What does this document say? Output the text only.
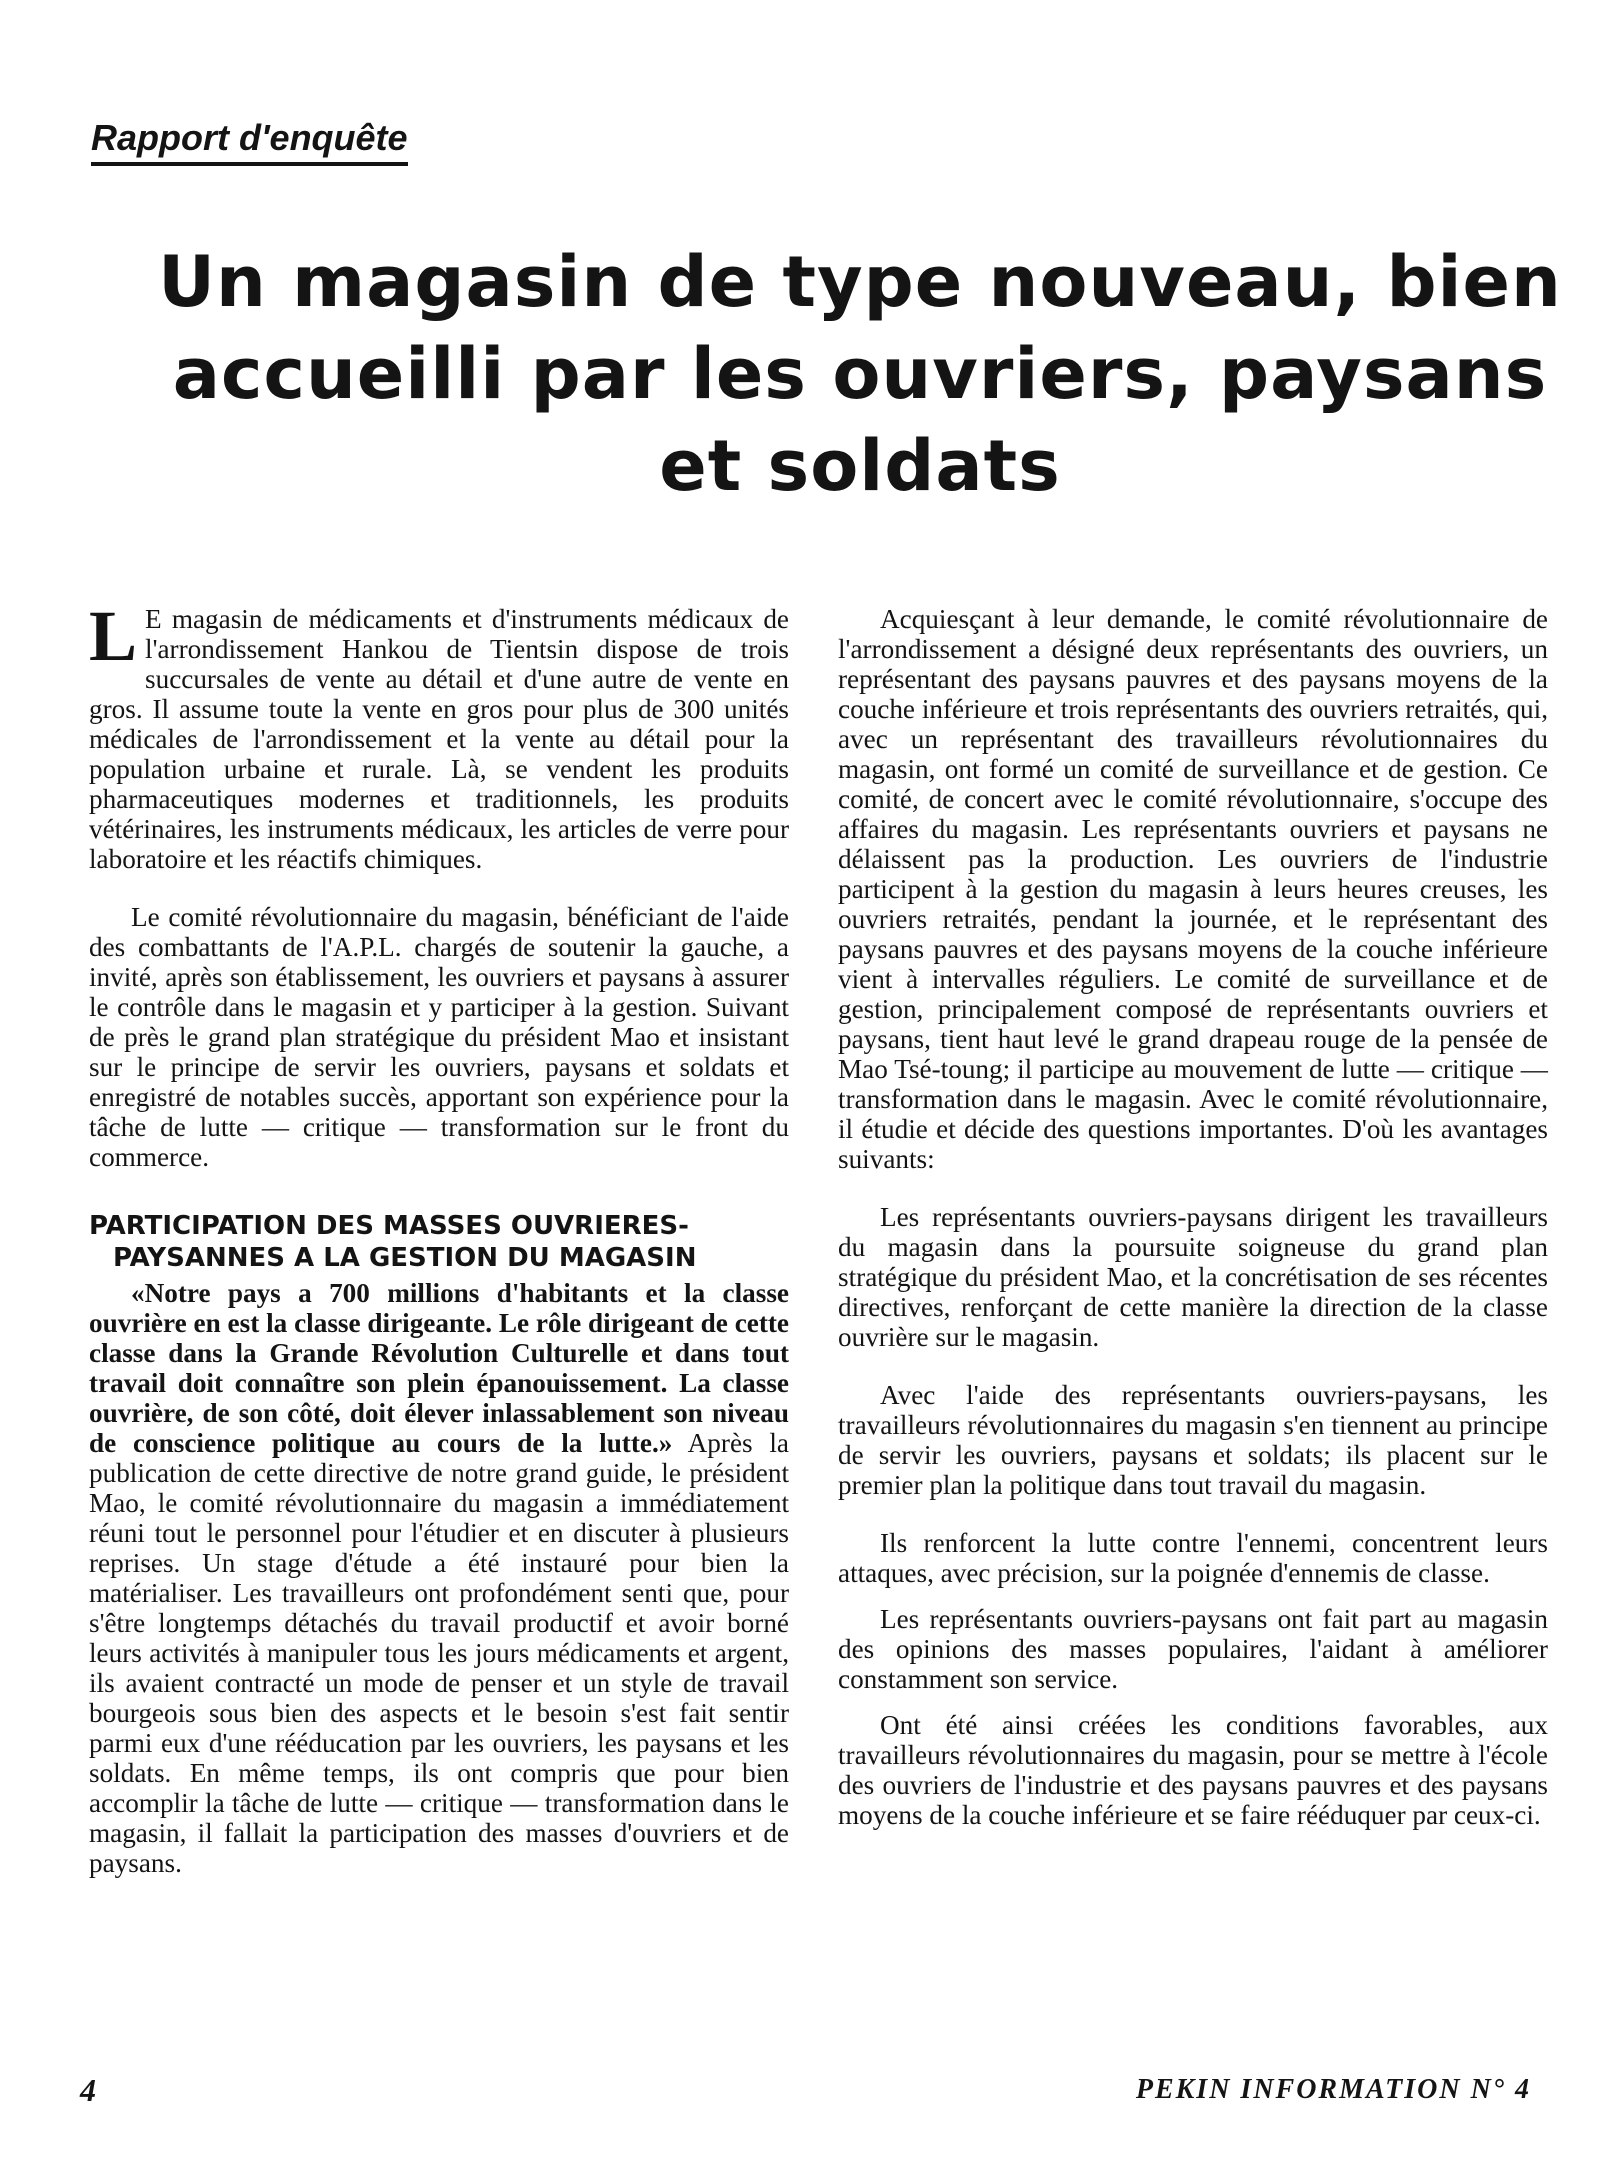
Rapport d'enquête
Un magasin de type nouveau, bien
accueilli par les ouvriers, paysans
et soldats

L E magasin de médicaments et d'instruments médicaux de l'arrondissement Hankou de Tientsin dispose de trois succursales de vente au détail et d'une autre de vente en gros. Il assume toute la vente en gros pour plus de 300 unités médicales de l'arrondissement et la vente au détail pour la population urbaine et rurale. Là, se vendent les produits pharmaceutiques modernes et traditionnels, les produits vétérinaires, les instruments médicaux, les articles de verre pour laboratoire et les réactifs chimiques.

Le comité révolutionnaire du magasin, bénéficiant de l'aide des combattants de l'A.P.L. chargés de soutenir la gauche, a invité, après son établissement, les ouvriers et paysans à assurer le contrôle dans le magasin et y participer à la gestion. Suivant de près le grand plan stratégique du président Mao et insistant sur le principe de servir les ouvriers, paysans et soldats et enregistré de notables succès, apportant son expérience pour la tâche de lutte — critique — transformation sur le front du commerce.

PARTICIPATION DES MASSES OUVRIERES-
PAYSANNES A LA GESTION DU MAGASIN

«Notre pays a 700 millions d'habitants et la classe ouvrière en est la classe dirigeante. Le rôle dirigeant de cette classe dans la Grande Révolution Culturelle et dans tout travail doit connaître son plein épanouissement. La classe ouvrière, de son côté, doit élever inlassablement son niveau de conscience politique au cours de la lutte.» Après la publication de cette directive de notre grand guide, le président Mao, le comité révolutionnaire du magasin a immédiatement réuni tout le personnel pour l'étudier et en discuter à plusieurs reprises. Un stage d'étude a été instauré pour bien la matérialiser. Les travailleurs ont profondément senti que, pour s'être longtemps détachés du travail productif et avoir borné leurs activités à manipuler tous les jours médicaments et argent, ils avaient contracté un mode de penser et un style de travail bourgeois sous bien des aspects et le besoin s'est fait sentir parmi eux d'une rééducation par les ouvriers, les paysans et les soldats. En même temps, ils ont compris que pour bien accomplir la tâche de lutte — critique — transformation dans le magasin, il fallait la participation des masses d'ouvriers et de paysans.

Acquiesçant à leur demande, le comité révolutionnaire de l'arrondissement a désigné deux représentants des ouvriers, un représentant des paysans pauvres et des paysans moyens de la couche inférieure et trois représentants des ouvriers retraités, qui, avec un représentant des travailleurs révolutionnaires du magasin, ont formé un comité de surveillance et de gestion. Ce comité, de concert avec le comité révolutionnaire, s'occupe des affaires du magasin. Les représentants ouvriers et paysans ne délaissent pas la production. Les ouvriers de l'industrie participent à la gestion du magasin à leurs heures creuses, les ouvriers retraités, pendant la journée, et le représentant des paysans pauvres et des paysans moyens de la couche inférieure vient à intervalles réguliers. Le comité de surveillance et de gestion, principalement composé de représentants ouvriers et paysans, tient haut levé le grand drapeau rouge de la pensée de Mao Tsé-toung; il participe au mouvement de lutte — critique — transformation dans le magasin. Avec le comité révolutionnaire, il étudie et décide des questions importantes. D'où les avantages suivants:

Les représentants ouvriers-paysans dirigent les travailleurs du magasin dans la poursuite soigneuse du grand plan stratégique du président Mao, et la concrétisation de ses récentes directives, renforçant de cette manière la direction de la classe ouvrière sur le magasin.

Avec l'aide des représentants ouvriers-paysans, les travailleurs révolutionnaires du magasin s'en tiennent au principe de servir les ouvriers, paysans et soldats; ils placent sur le premier plan la politique dans tout travail du magasin.

Ils renforcent la lutte contre l'ennemi, concentrent leurs attaques, avec précision, sur la poignée d'ennemis de classe.

Les représentants ouvriers-paysans ont fait part au magasin des opinions des masses populaires, l'aidant à améliorer constamment son service.

Ont été ainsi créées les conditions favorables, aux travailleurs révolutionnaires du magasin, pour se mettre à l'école des ouvriers de l'industrie et des paysans pauvres et des paysans moyens de la couche inférieure et se faire rééduquer par ceux-ci.

4	PEKIN INFORMATION N° 4
